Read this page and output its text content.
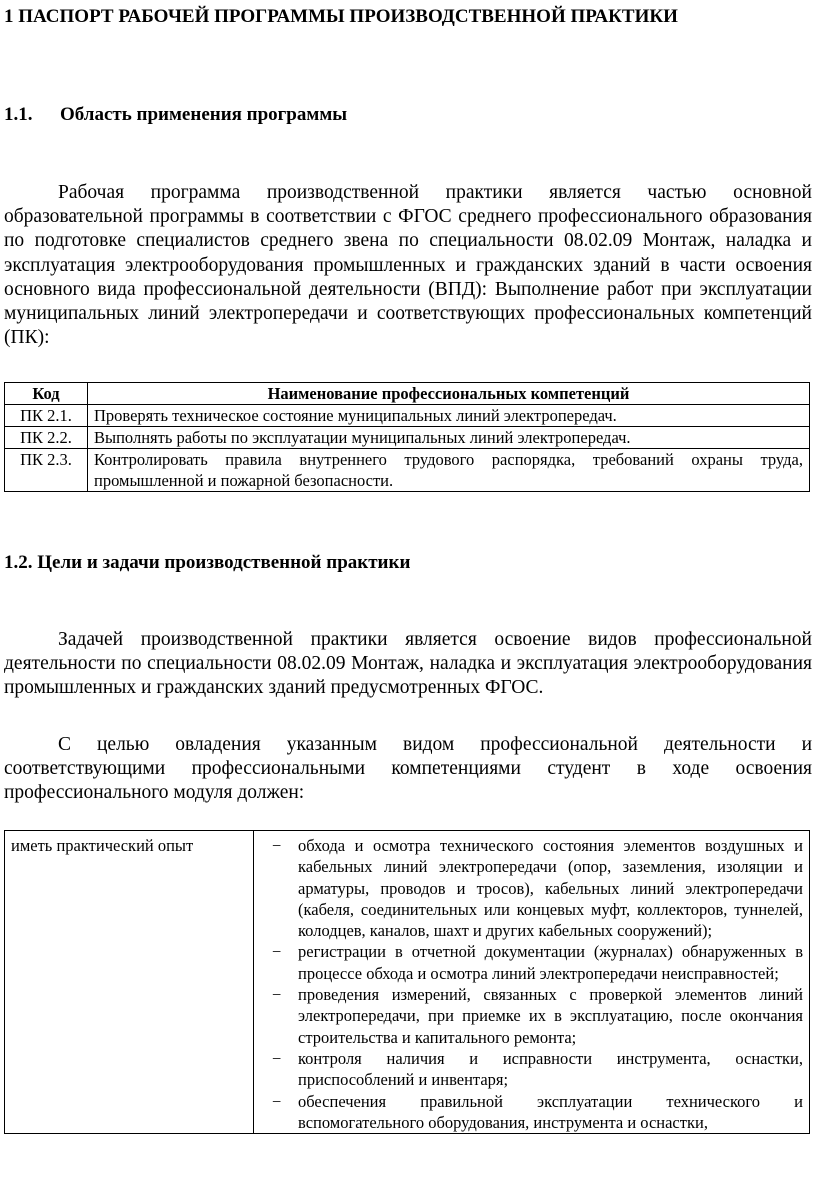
1 ПАСПОРТ РАБОЧЕЙ ПРОГРАММЫ ПРОИЗВОДСТВЕННОЙ ПРАКТИКИ
1.1. Область применения программы

Рабочая программа производственной практики является частью основной образовательной программы в соответствии с ФГОС среднего профессионального образования по подготовке специалистов среднего звена по специальности 08.02.09 Монтаж, наладка и эксплуатация электрооборудования промышленных и гражданских зданий в части освоения основного вида профессиональной деятельности (ВПД): Выполнение работ при эксплуатации муниципальных линий электропередачи и соответствующих профессиональных компетенций (ПК):

Код	Наименование профессиональных компетенций
ПК 2.1.	Проверять техническое состояние муниципальных линий электропередач.
ПК 2.2.	Выполнять работы по эксплуатации муниципальных линий электропередач.
ПК 2.3.	Контролировать правила внутреннего трудового распорядка, требований охраны труда, промышленной и пожарной безопасности.
1.2. Цели и задачи производственной практики

Задачей производственной практики является освоение видов профессиональной деятельности по специальности 08.02.09 Монтаж, наладка и эксплуатация электрооборудования промышленных и гражданских зданий предусмотренных ФГОС.

С целью овладения указанным видом профессиональной деятельности и соответствующими профессиональными компетенциями студент в ходе освоения профессионального модуля должен:

иметь практический опыт	− обхода и осмотра технического состояния элементов воздушных и кабельных линий электропередачи (опор, заземления, изоляции и арматуры, проводов и тросов), кабельных линий электропередачи (кабеля, соединительных или концевых муфт, коллекторов, туннелей, колодцев, каналов, шахт и других кабельных сооружений);
− регистрации в отчетной документации (журналах) обнаруженных в процессе обхода и осмотра линий электропередачи неисправностей;
− проведения измерений, связанных с проверкой элементов линий электропередачи, при приемке их в эксплуатацию, после окончания строительства и капитального ремонта;
− контроля наличия и исправности инструмента, оснастки, приспособлений и инвентаря;
− обеспечения правильной эксплуатации технического и вспомогательного оборудования, инструмента и оснастки,
